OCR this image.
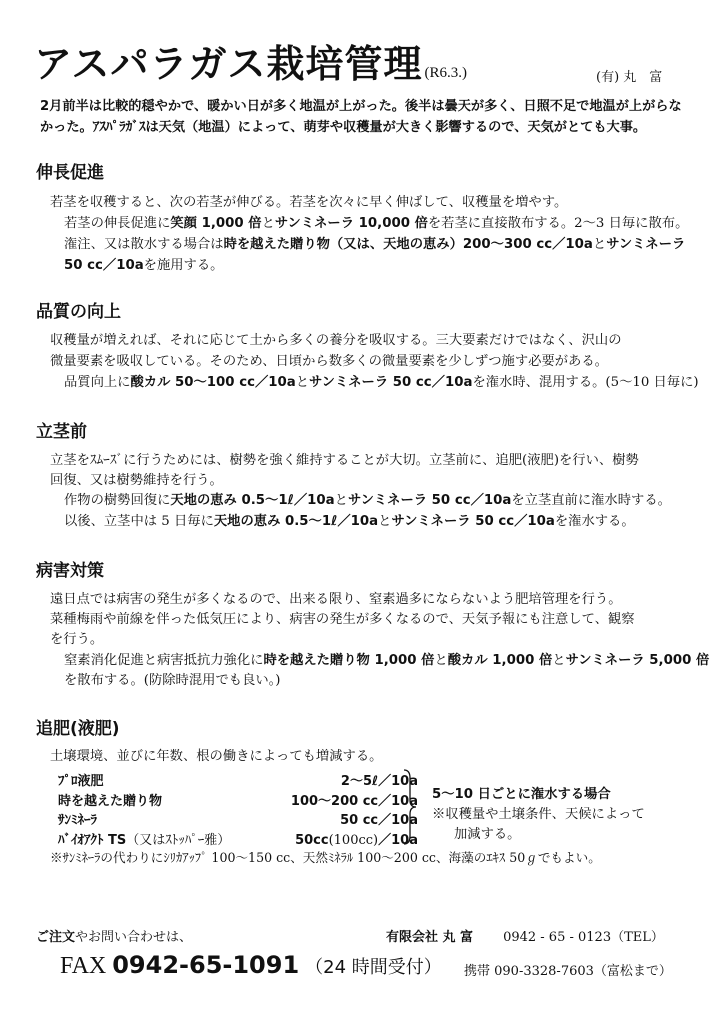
アスパラガス栽培管理 (R6.3.)	(有) 丸　富
2月前半は比較的穏やかで、暖かい日が多く地温が上がった。後半は曇天が多く、日照不足で地温が上がらなかった。ｱｽﾊﾟﾗｶﾞｽは天気（地温）によって、萌芽や収穫量が大きく影響するので、天気がとても大事。
伸長促進
若茎を収穫すると、次の若茎が伸びる。若茎を次々に早く伸ばして、収穫量を増やす。
若茎の伸長促進に笑顔 1,000 倍とサンミネーラ 10,000 倍を若茎に直接散布する。2～3 日毎に散布。
潅注、又は散水する場合は時を越えた贈り物（又は、天地の恵み）200～300 cc／10aとサンミネーラ
50 cc／10aを施用する。
品質の向上
収穫量が増えれば、それに応じて土から多くの養分を吸収する。三大要素だけではなく、沢山の
微量要素を吸収している。そのため、日頃から数多くの微量要素を少しずつ施す必要がある。
品質向上に酸カル 50～100 cc／10aとサンミネーラ 50 cc／10aを潅水時、混用する。(5～10 日毎に)
立茎前
立茎をｽﾑｰｽﾞに行うためには、樹勢を強く維持することが大切。立茎前に、追肥(液肥)を行い、樹勢
回復、又は樹勢維持を行う。
作物の樹勢回復に天地の恵み 0.5～1ℓ／10aとサンミネーラ 50 cc／10aを立茎直前に潅水時する。
以後、立茎中は 5 日毎に天地の恵み 0.5～1ℓ／10aとサンミネーラ 50 cc／10aを潅水する。
病害対策
遠日点では病害の発生が多くなるので、出来る限り、窒素過多にならないよう肥培管理を行う。
菜種梅雨や前線を伴った低気圧により、病害の発生が多くなるので、天気予報にも注意して、観察
を行う。
窒素消化促進と病害抵抗力強化に時を越えた贈り物 1,000 倍と酸カル 1,000 倍とサンミネーラ 5,000 倍
を散布する。(防除時混用でも良い。)
追肥(液肥)
土壌環境、並びに年数、根の働きによっても増減する。
ﾌﾟﾛ液肥	2～5ℓ／10a
時を越えた贈り物	100～200 cc／10a
ｻﾝﾐﾈｰﾗ	50 cc／10a
ﾊﾞｲｵｱｸﾄ TS（又はｽﾄｯﾊﾟｰ雅）	50cc(100cc)／10a
5～10 日ごとに潅水する場合
※収穫量や土壌条件、天候によって
加減する。
※ｻﾝﾐﾈｰﾗの代わりにｼﾘｶｱｯﾌﾟ 100～150 cc、天然ﾐﾈﾗﾙ 100～200 cc、海藻のｴｷｽ 50ℊでもよい。
ご注文やお問い合わせは、	有限会社 丸 富 0942 - 65 - 0123（TEL）
FAX 0942-65-1091 （24 時間受付） 携帯 090-3328-7603（富松まで）
